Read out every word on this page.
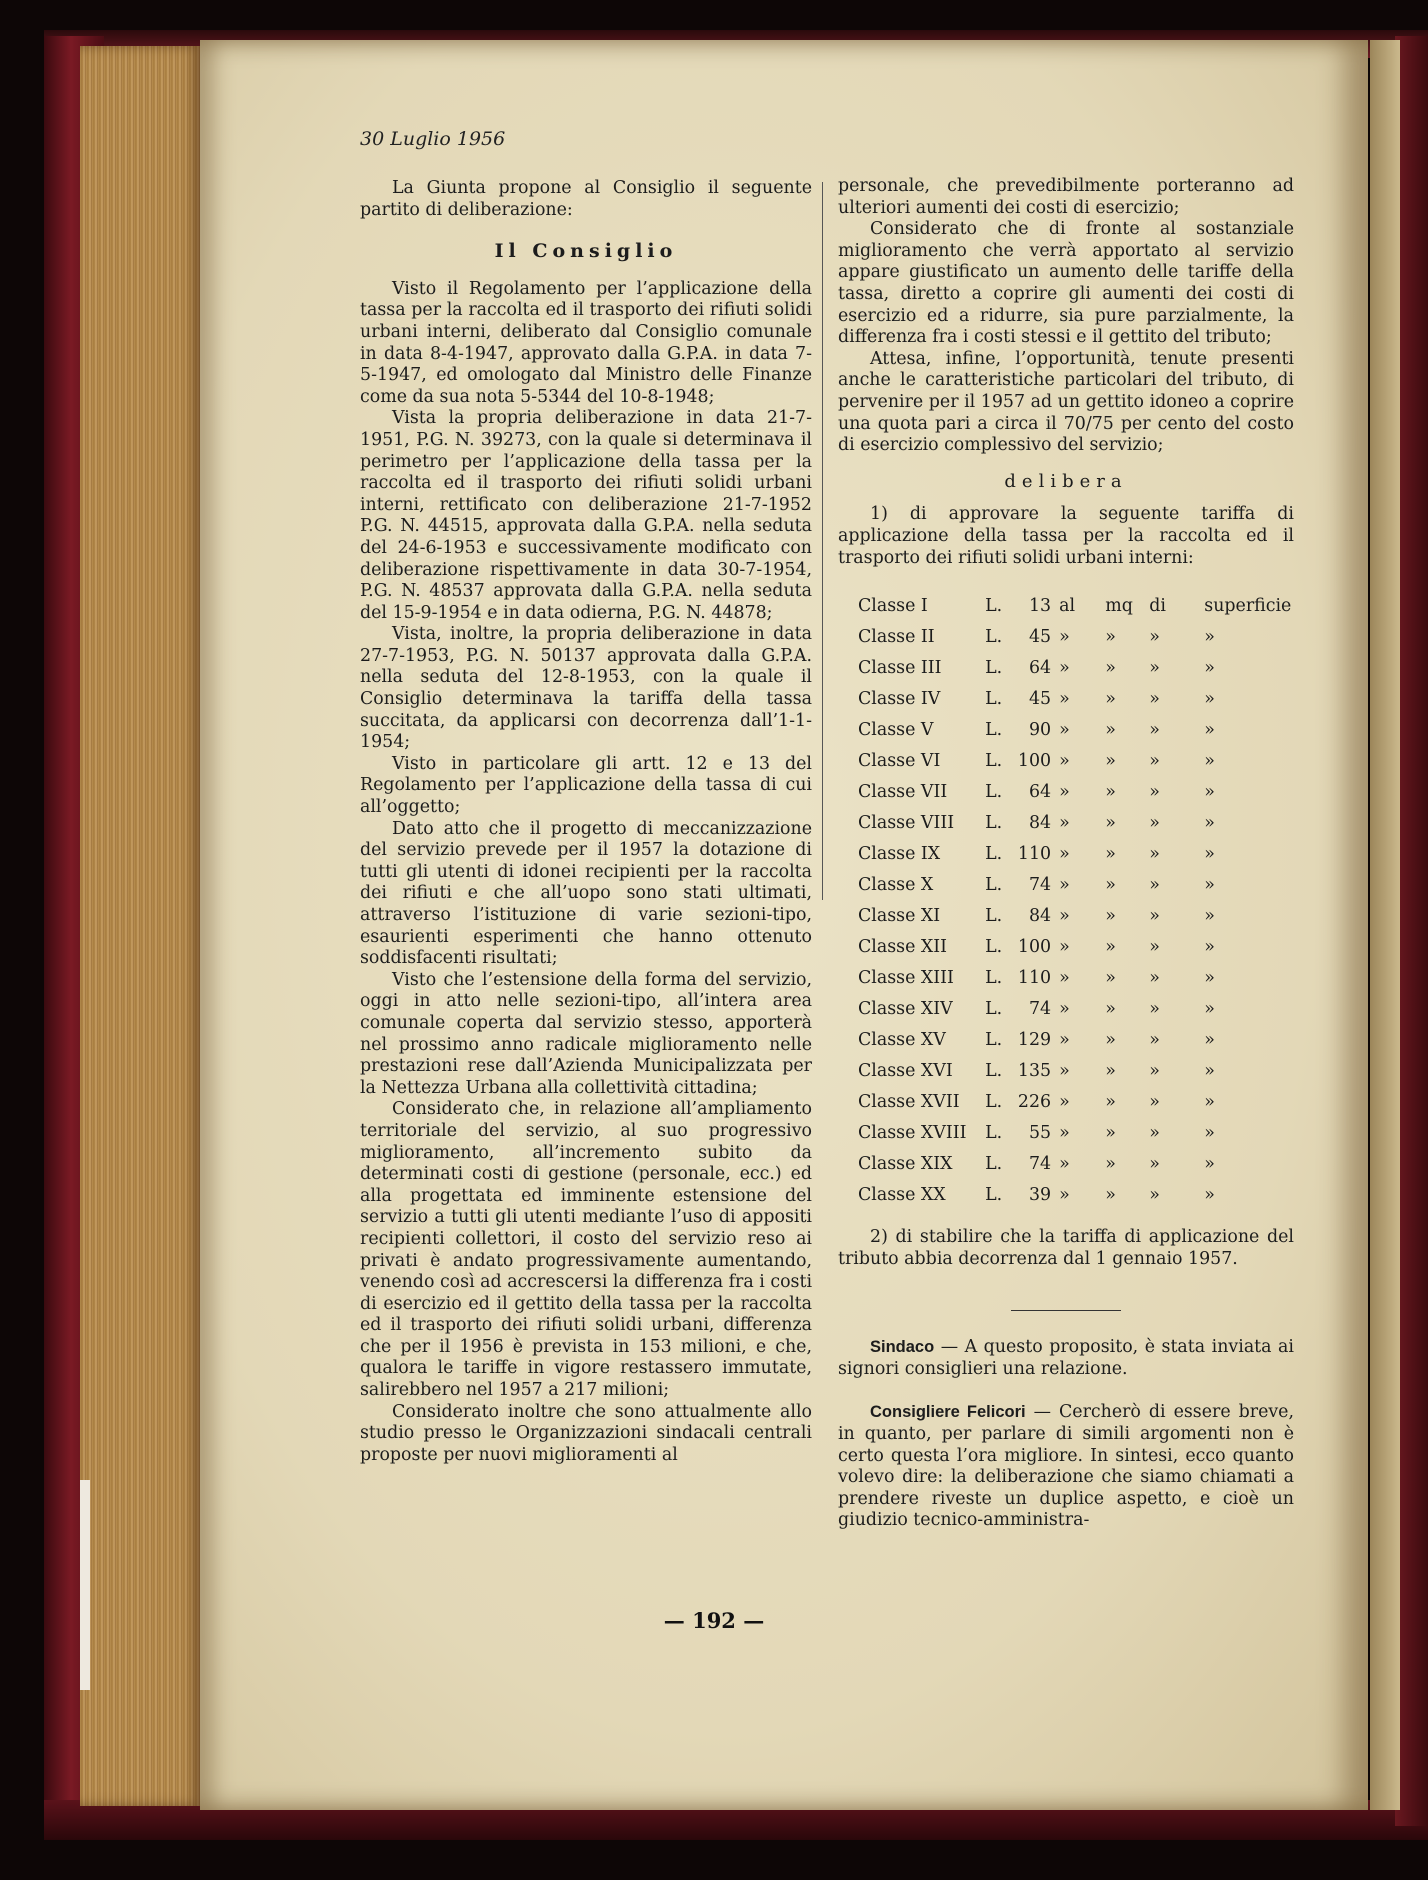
30 Luglio 1956

La Giunta propone al Consiglio il seguente partito di deliberazione:

Il Consiglio

Visto il Regolamento per l’applicazione della tassa per la raccolta ed il trasporto dei rifiuti solidi urbani interni, deliberato dal Consiglio comunale in data 8-4-1947, approvato dalla G.P.A. in data 7-5-1947, ed omologato dal Ministro delle Finanze come da sua nota 5-5344 del 10-8-1948;

Vista la propria deliberazione in data 21-7-1951, P.G. N. 39273, con la quale si determinava il perimetro per l’applicazione della tassa per la raccolta ed il trasporto dei rifiuti solidi urbani interni, rettificato con deliberazione 21-7-1952 P.G. N. 44515, approvata dalla G.P.A. nella seduta del 24-6-1953 e successivamente modificato con deliberazione rispettivamente in data 30-7-1954, P.G. N. 48537 approvata dalla G.P.A. nella seduta del 15-9-1954 e in data odierna, P.G. N. 44878;

Vista, inoltre, la propria deliberazione in data 27-7-1953, P.G. N. 50137 approvata dalla G.P.A. nella seduta del 12-8-1953, con la quale il Consiglio determinava la tariffa della tassa succitata, da applicarsi con decorrenza dall’1-1-1954;

Visto in particolare gli artt. 12 e 13 del Regolamento per l’applicazione della tassa di cui all’oggetto;

Dato atto che il progetto di meccanizzazione del servizio prevede per il 1957 la dotazione di tutti gli utenti di idonei recipienti per la raccolta dei rifiuti e che all’uopo sono stati ultimati, attraverso l’istituzione di varie sezioni-tipo, esaurienti esperimenti che hanno ottenuto soddisfacenti risultati;

Visto che l’estensione della forma del servizio, oggi in atto nelle sezioni-tipo, all’intera area comunale coperta dal servizio stesso, apporterà nel prossimo anno radicale miglioramento nelle prestazioni rese dall’Azienda Municipalizzata per la Nettezza Urbana alla collettività cittadina;

Considerato che, in relazione all’ampliamento territoriale del servizio, al suo progressivo miglioramento, all’incremento subito da determinati costi di gestione (personale, ecc.) ed alla progettata ed imminente estensione del servizio a tutti gli utenti mediante l’uso di appositi recipienti collettori, il costo del servizio reso ai privati è andato progressivamente aumentando, venendo così ad accrescersi la differenza fra i costi di esercizio ed il gettito della tassa per la raccolta ed il trasporto dei rifiuti solidi urbani, differenza che per il 1956 è prevista in 153 milioni, e che, qualora le tariffe in vigore restassero immutate, salirebbero nel 1957 a 217 milioni;

Considerato inoltre che sono attualmente allo studio presso le Organizzazioni sindacali centrali proposte per nuovi miglioramenti al

personale, che prevedibilmente porteranno ad ulteriori aumenti dei costi di esercizio;

Considerato che di fronte al sostanziale miglioramento che verrà apportato al servizio appare giustificato un aumento delle tariffe della tassa, diretto a coprire gli aumenti dei costi di esercizio ed a ridurre, sia pure parzialmente, la differenza fra i costi stessi e il gettito del tributo;

Attesa, infine, l’opportunità, tenute presenti anche le caratteristiche particolari del tributo, di pervenire per il 1957 ad un gettito idoneo a coprire una quota pari a circa il 70/75 per cento del costo di esercizio complessivo del servizio;

delibera

1) di approvare la seguente tariffa di applicazione della tassa per la raccolta ed il trasporto dei rifiuti solidi urbani interni:

Classe I	L.	13	al	mq	di	superficie
Classe II	L.	45	»	»	»	»
Classe III	L.	64	»	»	»	»
Classe IV	L.	45	»	»	»	»
Classe V	L.	90	»	»	»	»
Classe VI	L.	100	»	»	»	»
Classe VII	L.	64	»	»	»	»
Classe VIII	L.	84	»	»	»	»
Classe IX	L.	110	»	»	»	»
Classe X	L.	74	»	»	»	»
Classe XI	L.	84	»	»	»	»
Classe XII	L.	100	»	»	»	»
Classe XIII	L.	110	»	»	»	»
Classe XIV	L.	74	»	»	»	»
Classe XV	L.	129	»	»	»	»
Classe XVI	L.	135	»	»	»	»
Classe XVII	L.	226	»	»	»	»
Classe XVIII	L.	55	»	»	»	»
Classe XIX	L.	74	»	»	»	»
Classe XX	L.	39	»	»	»	»

2) di stabilire che la tariffa di applicazione del tributo abbia decorrenza dal 1 gennaio 1957.

Sindaco — A questo proposito, è stata inviata ai signori consiglieri una relazione.

Consigliere Felicori — Cercherò di essere breve, in quanto, per parlare di simili argomenti non è certo questa l’ora migliore. In sintesi, ecco quanto volevo dire: la deliberazione che siamo chiamati a prendere riveste un duplice aspetto, e cioè un giudizio tecnico-amministra-

— 192 —
